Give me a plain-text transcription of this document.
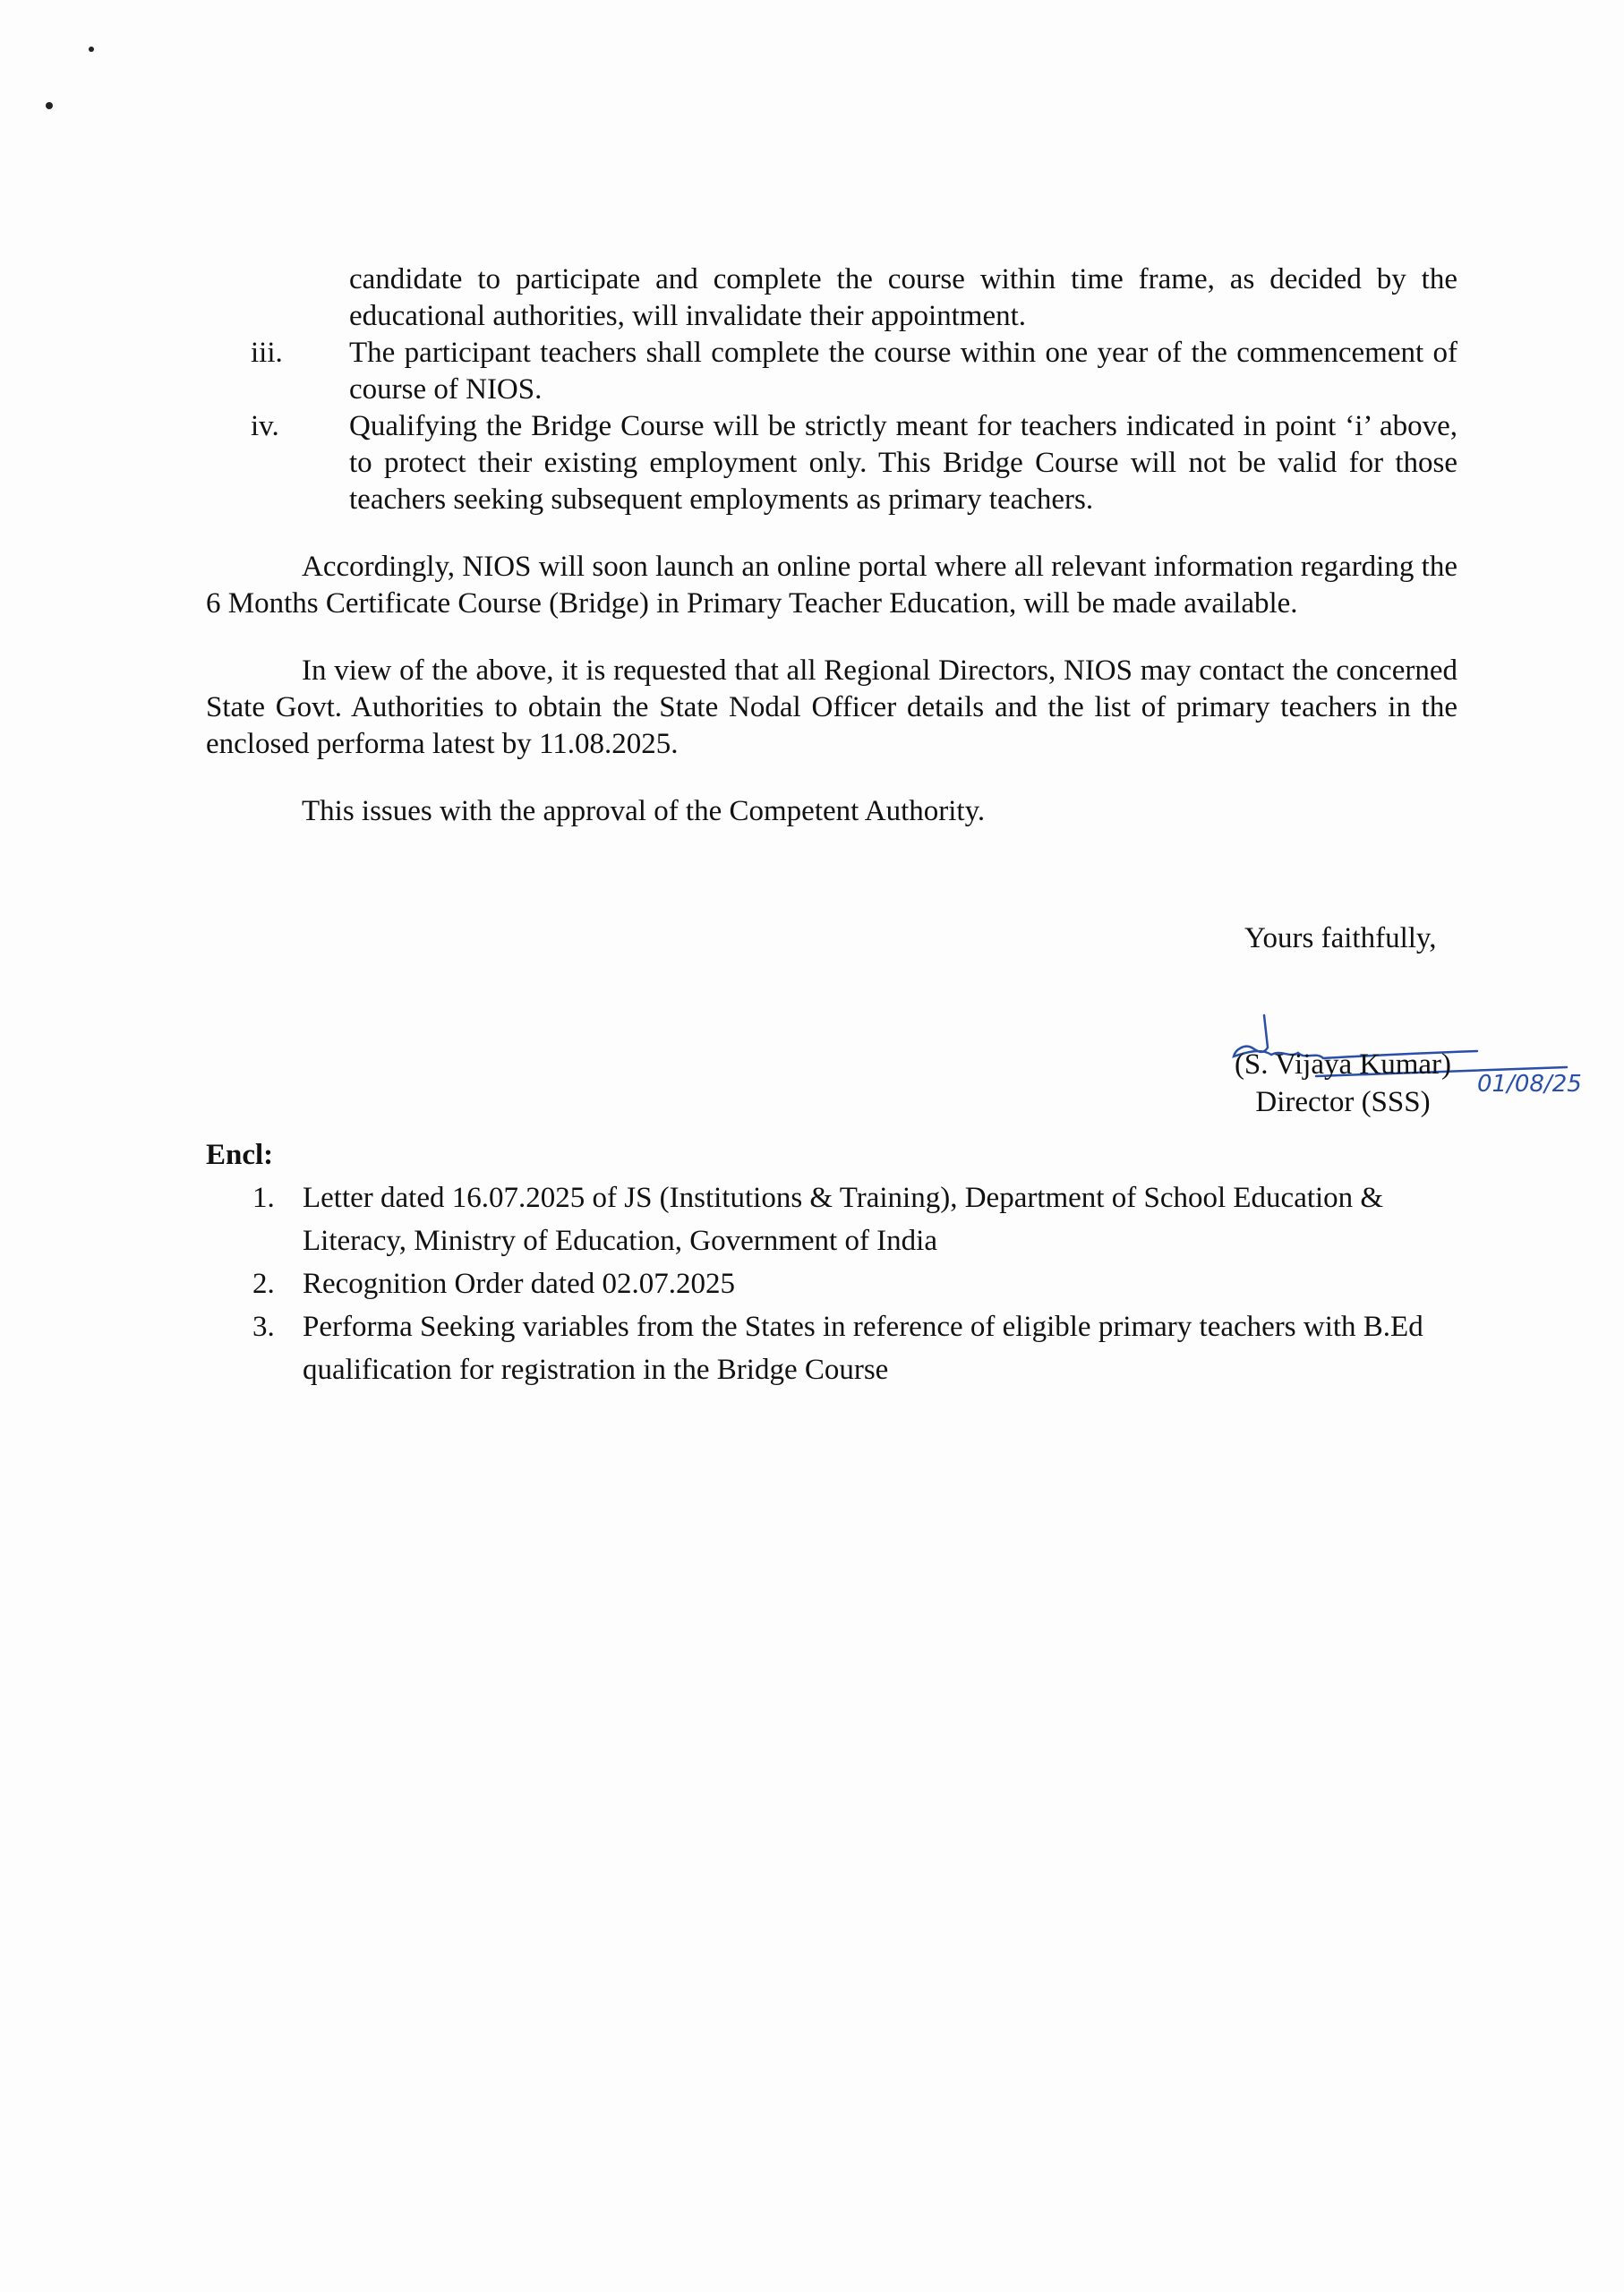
candidate to participate and complete the course within time frame, as decided by the educational authorities, will invalidate their appointment.
iii.	The participant teachers shall complete the course within one year of the commencement of course of NIOS.
iv.	Qualifying the Bridge Course will be strictly meant for teachers indicated in point ‘i’ above, to protect their existing employment only. This Bridge Course will not be valid for those teachers seeking subsequent employments as primary teachers.

Accordingly, NIOS will soon launch an online portal where all relevant information regarding the 6 Months Certificate Course (Bridge) in Primary Teacher Education, will be made available.

In view of the above, it is requested that all Regional Directors, NIOS may contact the concerned State Govt. Authorities to obtain the State Nodal Officer details and the list of primary teachers in the enclosed performa latest by 11.08.2025.

This issues with the approval of the Competent Authority.

Yours faithfully,
(S. Vijaya Kumar)
Director (SSS)
01/08/25
Encl:
1. Letter dated 16.07.2025 of JS (Institutions & Training), Department of School Education & Literacy, Ministry of Education, Government of India
2. Recognition Order dated 02.07.2025
3. Performa Seeking variables from the States in reference of eligible primary teachers with B.Ed qualification for registration in the Bridge Course
